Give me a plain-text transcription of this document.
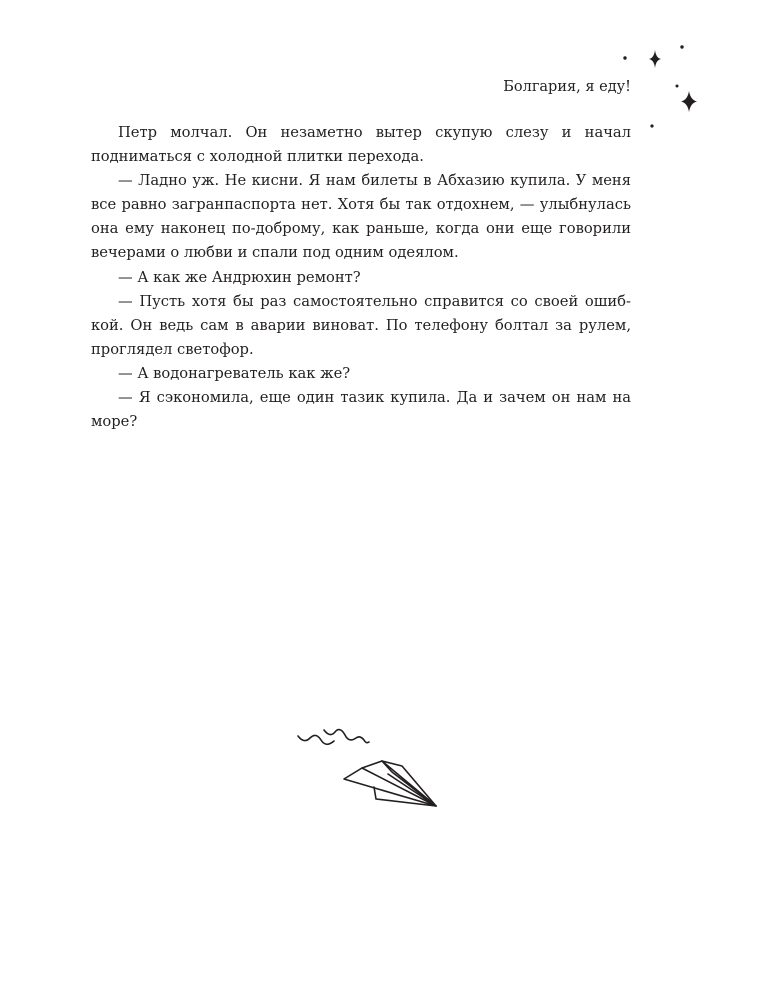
Болгария, я еду!

Петр молчал. Он незаметно вытер скупую слезу и начал подниматься с холодной плитки перехода.

— Ладно уж. Не кисни. Я нам билеты в Абхазию купила. У меня все равно загранпаспорта нет. Хотя бы так отдохнем, — улыбнулась она ему наконец по-доброму, как раньше, когда они еще говорили вечерами о любви и спали под одним одеялом.

— А как же Андрюхин ремонт?

— Пусть хотя бы раз самостоятельно справится со своей ошибкой. Он ведь сам в аварии виноват. По телефону болтал за рулем, проглядел светофор.

— А водонагреватель как же?

— Я сэкономила, еще один тазик купила. Да и зачем он нам на море?
